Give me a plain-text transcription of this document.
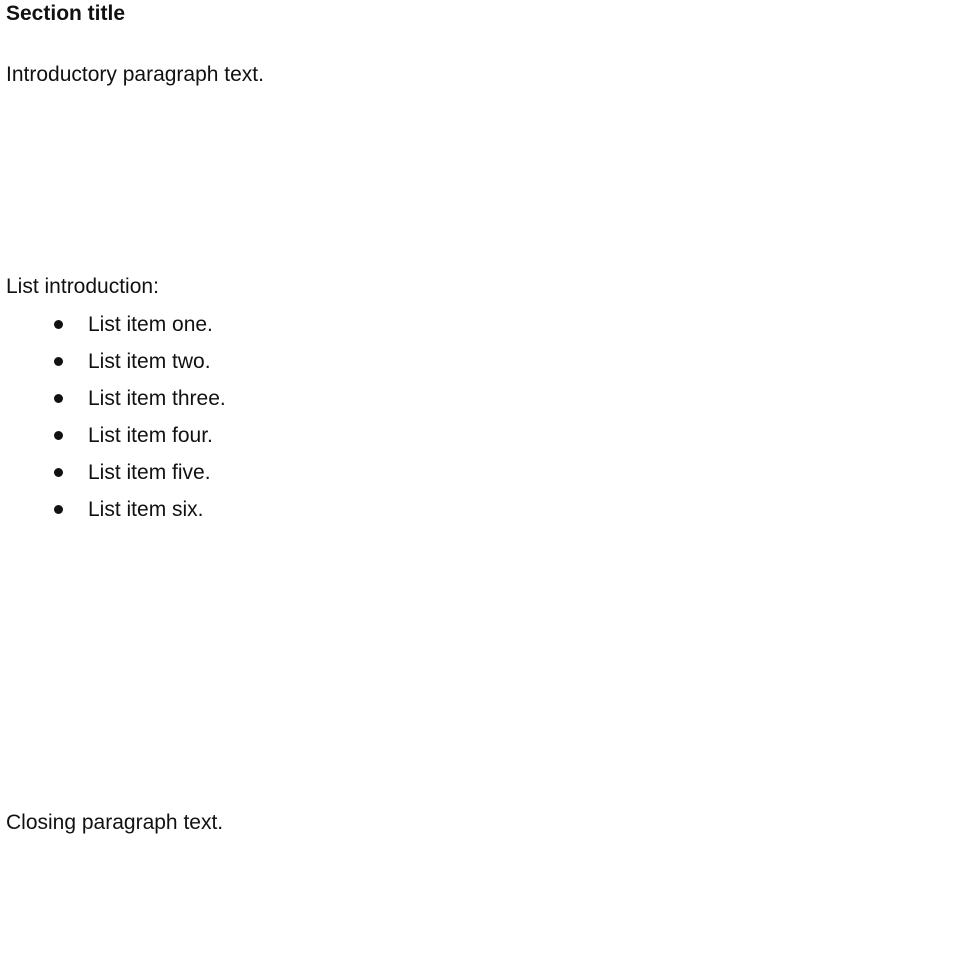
Section title

Introductory paragraph text.

List introduction:

List item one.
List item two.
List item three.
List item four.
List item five.
List item six.

Closing paragraph text.
